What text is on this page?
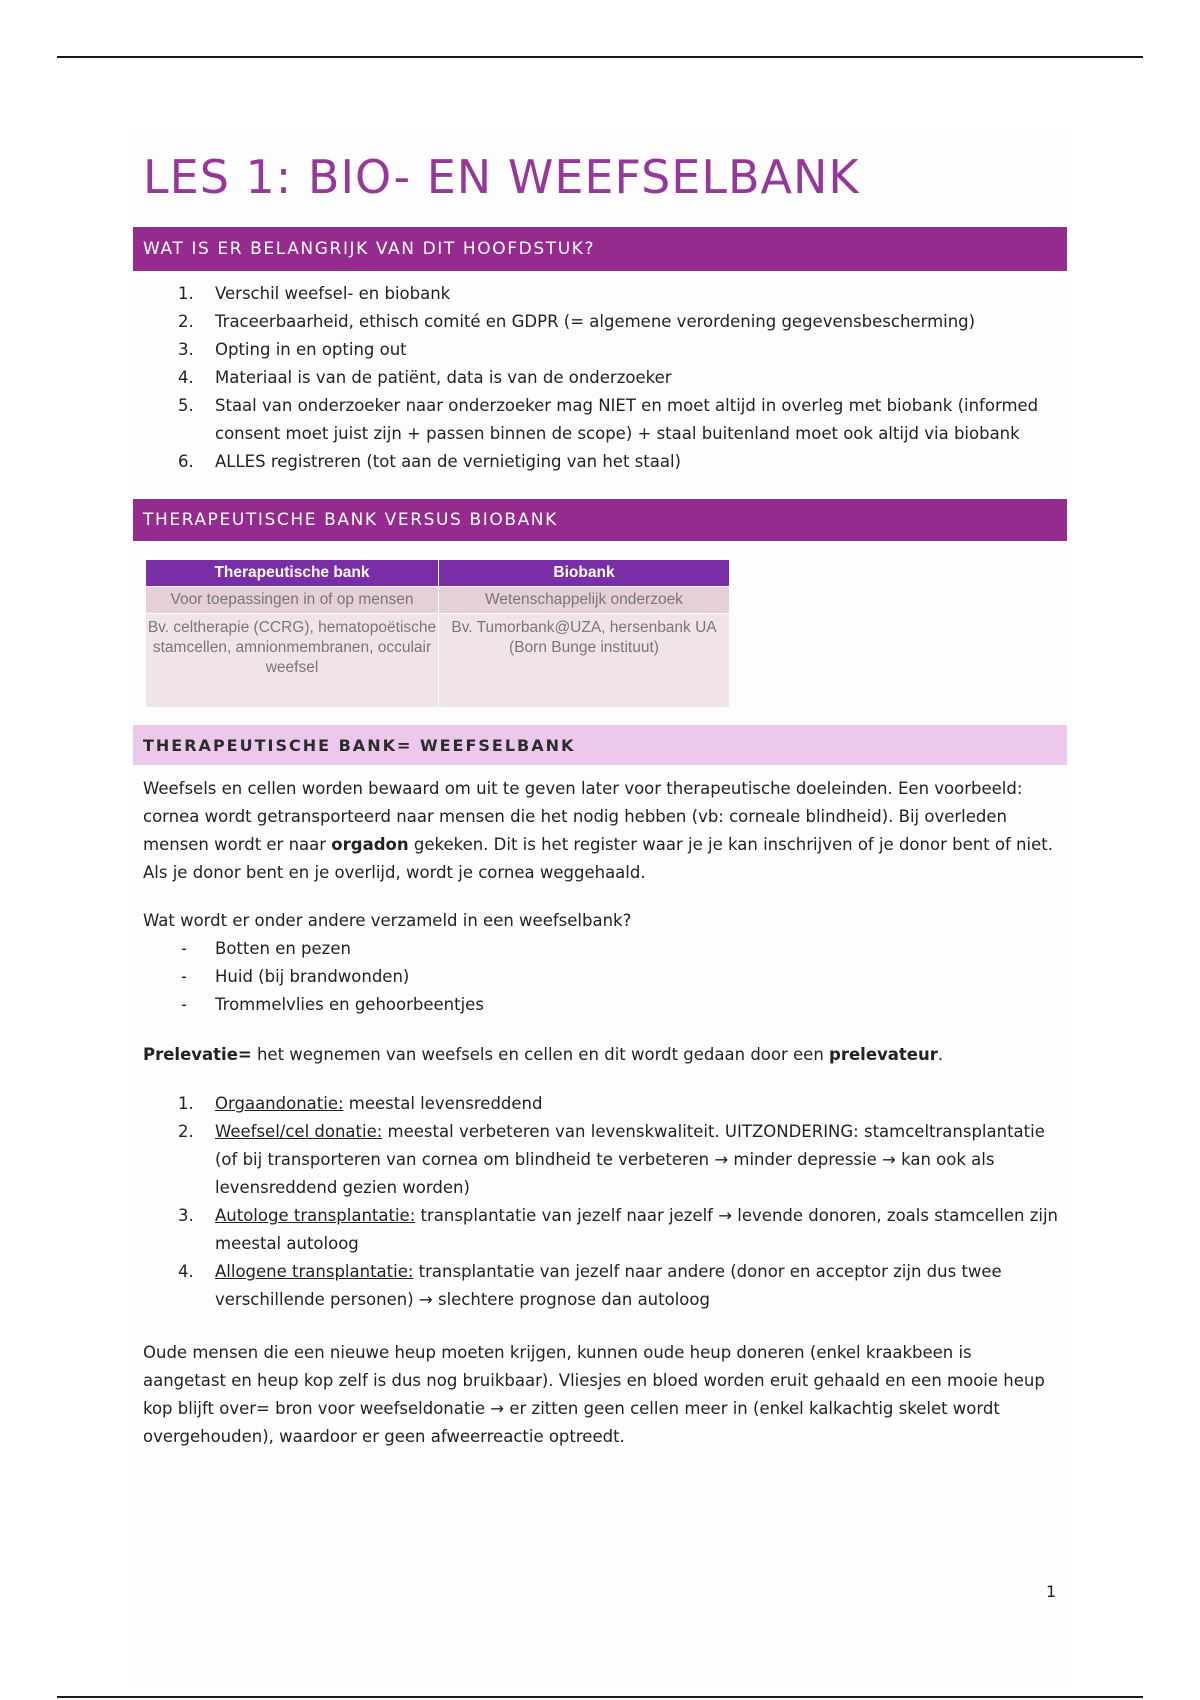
LES 1: BIO- EN WEEFSELBANK
WAT IS ER BELANGRIJK VAN DIT HOOFDSTUK?
1. Verschil weefsel- en biobank
2. Traceerbaarheid, ethisch comité en GDPR (= algemene verordening gegevensbescherming)
3. Opting in en opting out
4. Materiaal is van de patiënt, data is van de onderzoeker
5. Staal van onderzoeker naar onderzoeker mag NIET en moet altijd in overleg met biobank (informed consent moet juist zijn + passen binnen de scope) + staal buitenland moet ook altijd via biobank
6. ALLES registreren (tot aan de vernietiging van het staal)
THERAPEUTISCHE BANK VERSUS BIOBANK
THERAPEUTISCHE BANK= WEEFSELBANK

Weefsels en cellen worden bewaard om uit te geven later voor therapeutische doeleinden. Een voorbeeld: cornea wordt getransporteerd naar mensen die het nodig hebben (vb: corneale blindheid). Bij overleden mensen wordt er naar orgadon gekeken. Dit is het register waar je je kan inschrijven of je donor bent of niet. Als je donor bent en je overlijd, wordt je cornea weggehaald.

Wat wordt er onder andere verzameld in een weefselbank?

- Botten en pezen
- Huid (bij brandwonden)
- Trommelvlies en gehoorbeentjes

Prelevatie= het wegnemen van weefsels en cellen en dit wordt gedaan door een prelevateur.

1. Orgaandonatie: meestal levensreddend
2. Weefsel/cel donatie: meestal verbeteren van levenskwaliteit. UITZONDERING: stamceltransplantatie (of bij transporteren van cornea om blindheid te verbeteren → minder depressie → kan ook als levensreddend gezien worden)
3. Autologe transplantatie: transplantatie van jezelf naar jezelf → levende donoren, zoals stamcellen zijn meestal autoloog
4. Allogene transplantatie: transplantatie van jezelf naar andere (donor en acceptor zijn dus twee verschillende personen) → slechtere prognose dan autoloog

Oude mensen die een nieuwe heup moeten krijgen, kunnen oude heup doneren (enkel kraakbeen is aangetast en heup kop zelf is dus nog bruikbaar). Vliesjes en bloed worden eruit gehaald en een mooie heup kop blijft over= bron voor weefseldonatie → er zitten geen cellen meer in (enkel kalkachtig skelet wordt overgehouden), waardoor er geen afweerreactie optreedt.

Therapeutische bank	Biobank
Voor toepassingen in of op mensen	Wetenschappelijk onderzoek
Bv. celtherapie (CCRG), hematopoëtische stamcellen, amnionmembranen, occulair weefsel	Bv. Tumorbank@UZA, hersenbank UA (Born Bunge instituut)
1
